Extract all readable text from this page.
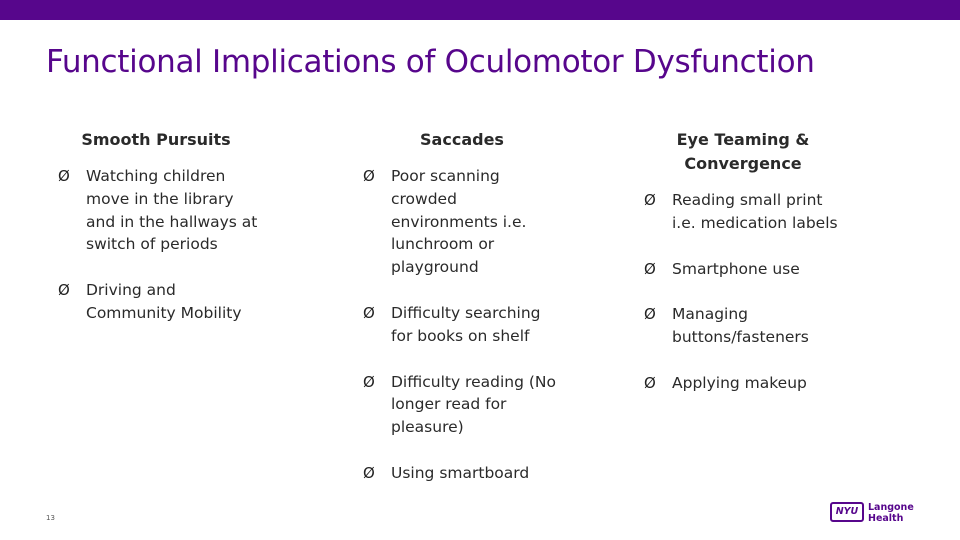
Functional Implications of Oculomotor Dysfunction
Smooth Pursuits
Ø Watching children move in the library and in the hallways at switch of periods
Ø Driving and Community Mobility
Saccades
Ø Poor scanning crowded environments i.e. lunchroom or playground
Ø Difficulty searching for books on shelf
Ø Difficulty reading (No longer read for pleasure)
Ø Using smartboard
Eye Teaming & Convergence
Ø Reading small print i.e. medication labels
Ø Smartphone use
Ø Managing buttons/fasteners
Ø Applying makeup
13
NYU	Langone
Health
